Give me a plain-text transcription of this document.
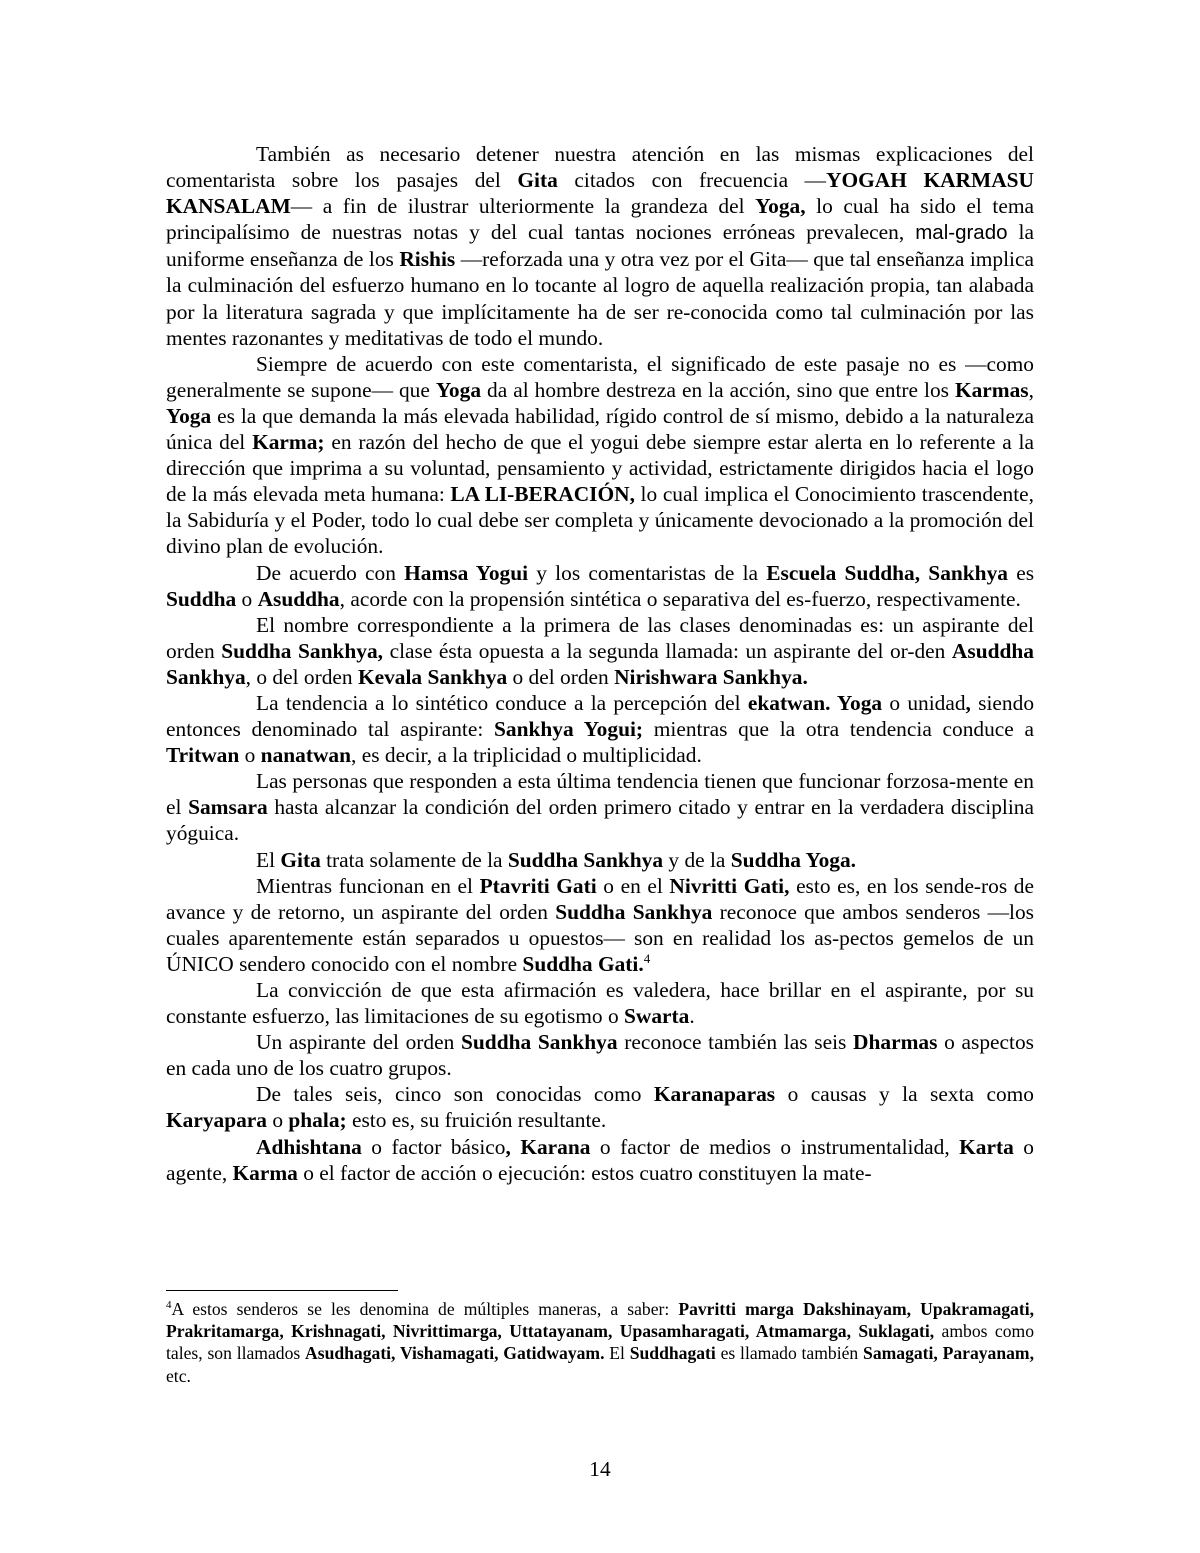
También as necesario detener nuestra atención en las mismas explicaciones del comentarista sobre los pasajes del Gita citados con frecuencia —YOGAH KARMASU KANSALAM— a fin de ilustrar ulteriormente la grandeza del Yoga, lo cual ha sido el tema principalísimo de nuestras notas y del cual tantas nociones erróneas prevalecen, mal-grado la uniforme enseñanza de los Rishis —reforzada una y otra vez por el Gita— que tal enseñanza implica la culminación del esfuerzo humano en lo tocante al logro de aquella realización propia, tan alabada por la literatura sagrada y que implícitamente ha de ser re-conocida como tal culminación por las mentes razonantes y meditativas de todo el mundo.

Siempre de acuerdo con este comentarista, el significado de este pasaje no es —como generalmente se supone— que Yoga da al hombre destreza en la acción, sino que entre los Karmas, Yoga es la que demanda la más elevada habilidad, rígido control de sí mismo, debido a la naturaleza única del Karma; en razón del hecho de que el yogui debe siempre estar alerta en lo referente a la dirección que imprima a su voluntad, pensamiento y actividad, estrictamente dirigidos hacia el logo de la más elevada meta humana: LA LI-BERACIÓN, lo cual implica el Conocimiento trascendente, la Sabiduría y el Poder, todo lo cual debe ser completa y únicamente devocionado a la promoción del divino plan de evolución.

De acuerdo con Hamsa Yogui y los comentaristas de la Escuela Suddha, Sankhya es Suddha o Asuddha, acorde con la propensión sintética o separativa del es-fuerzo, respectivamente.

El nombre correspondiente a la primera de las clases denominadas es: un aspirante del orden Suddha Sankhya, clase ésta opuesta a la segunda llamada: un aspirante del or-den Asuddha Sankhya, o del orden Kevala Sankhya o del orden Nirishwara Sankhya.

La tendencia a lo sintético conduce a la percepción del ekatwan. Yoga o unidad, siendo entonces denominado tal aspirante: Sankhya Yogui; mientras que la otra tendencia conduce a Tritwan o nanatwan, es decir, a la triplicidad o multiplicidad.

Las personas que responden a esta última tendencia tienen que funcionar forzosa-mente en el Samsara hasta alcanzar la condición del orden primero citado y entrar en la verdadera disciplina yóguica.

El Gita trata solamente de la Suddha Sankhya y de la Suddha Yoga.

Mientras funcionan en el Ptavriti Gati o en el Nivritti Gati, esto es, en los sende-ros de avance y de retorno, un aspirante del orden Suddha Sankhya reconoce que ambos senderos —los cuales aparentemente están separados u opuestos— son en realidad los as-pectos gemelos de un ÚNICO sendero conocido con el nombre Suddha Gati.$^4$

La convicción de que esta afirmación es valedera, hace brillar en el aspirante, por su constante esfuerzo, las limitaciones de su egotismo o Swarta.

Un aspirante del orden Suddha Sankhya reconoce también las seis Dharmas o aspectos en cada uno de los cuatro grupos.

De tales seis, cinco son conocidas como Karanaparas o causas y la sexta como Karyapara o phala; esto es, su fruición resultante.

Adhishtana o factor básico, Karana o factor de medios o instrumentalidad, Karta o agente, Karma o el factor de acción o ejecución: estos cuatro constituyen la mate-

$^4$A estos senderos se les denomina de múltiples maneras, a saber: Pavritti marga Dakshinayam, Upakramagati, Prakritamarga, Krishnagati, Nivrittimarga, Uttatayanam, Upasamharagati, Atmamarga, Suklagati, ambos como tales, son llamados Asudhagati, Vishamagati, Gatidwayam. El Suddhagati es llamado también Samagati, Parayanam, etc.

14
